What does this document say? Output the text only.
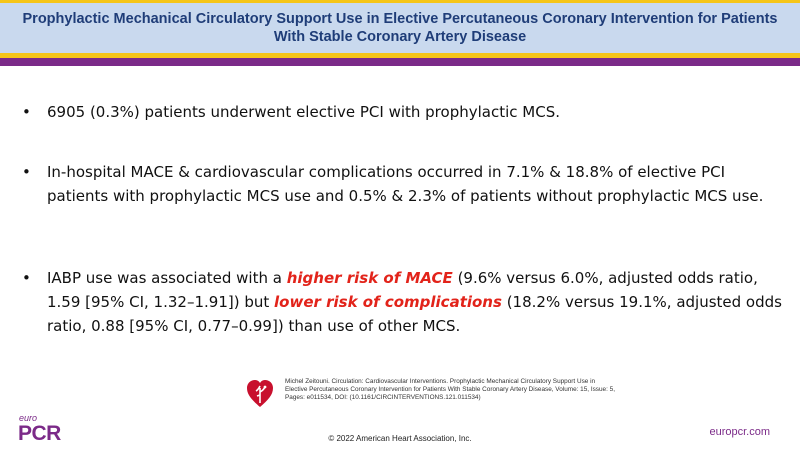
Prophylactic Mechanical Circulatory Support Use in Elective Percutaneous Coronary Intervention for Patients With Stable Coronary Artery Disease
• 6905 (0.3%) patients underwent elective PCI with prophylactic MCS.
• In-hospital MACE & cardiovascular complications occurred in 7.1% & 18.8% of elective PCI patients with prophylactic MCS use and 0.5% & 2.3% of patients without prophylactic MCS use.
• IABP use was associated with a higher risk of MACE (9.6% versus 6.0%, adjusted odds ratio, 1.59 [95% CI, 1.32–1.91]) but lower risk of complications (18.2% versus 19.1%, adjusted odds ratio, 0.88 [95% CI, 0.77–0.99]) than use of other MCS.
Michel Zeitouni. Circulation: Cardiovascular Interventions. Prophylactic Mechanical Circulatory Support Use in Elective Percutaneous Coronary Intervention for Patients With Stable Coronary Artery Disease, Volume: 15, Issue: 5, Pages: e011534, DOI: (10.1161/CIRCINTERVENTIONS.121.011534)
© 2022 American Heart Association, Inc.
euro
PCR	europcr.com
